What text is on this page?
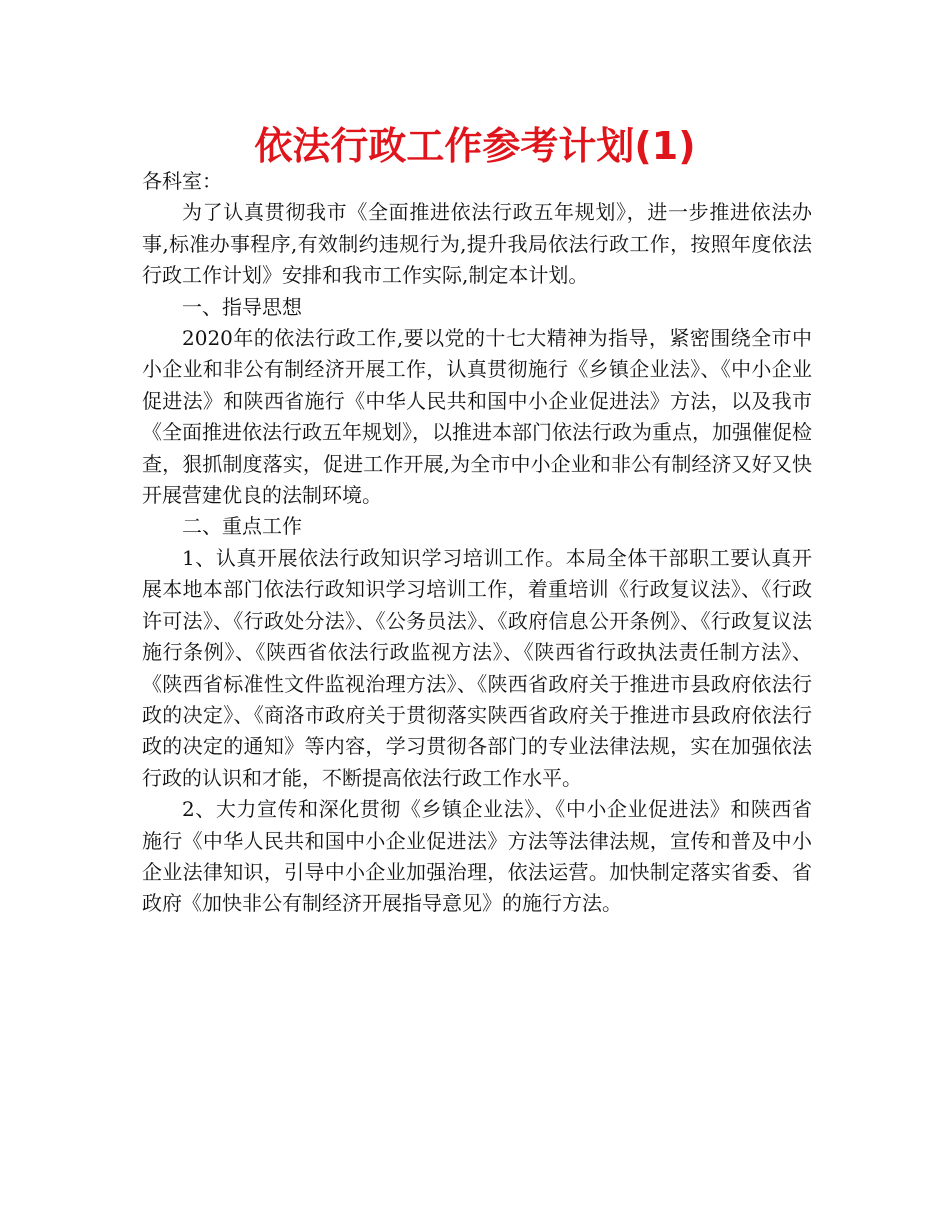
依法行政工作参考计划(1)

各科室：

为了认真贯彻我市《全面推进依法行政五年规划》，进一步推进依法办事,标准办事程序,有效制约违规行为,提升我局依法行政工作，按照年度依法行政工作计划》安排和我市工作实际,制定本计划。

一、指导思想

2020年的依法行政工作,要以党的十七大精神为指导，紧密围绕全市中小企业和非公有制经济开展工作，认真贯彻施行《乡镇企业法》、《中小企业促进法》和陕西省施行《中华人民共和国中小企业促进法》方法，以及我市《全面推进依法行政五年规划》，以推进本部门依法行政为重点，加强催促检查，狠抓制度落实，促进工作开展,为全市中小企业和非公有制经济又好又快开展营建优良的法制环境。

二、重点工作

1、认真开展依法行政知识学习培训工作。本局全体干部职工要认真开展本地本部门依法行政知识学习培训工作，着重培训《行政复议法》、《行政许可法》、《行政处分法》、《公务员法》、《政府信息公开条例》、《行政复议法施行条例》、《陕西省依法行政监视方法》、《陕西省行政执法责任制方法》、《陕西省标准性文件监视治理方法》、《陕西省政府关于推进市县政府依法行政的决定》、《商洛市政府关于贯彻落实陕西省政府关于推进市县政府依法行政的决定的通知》等内容，学习贯彻各部门的专业法律法规，实在加强依法行政的认识和才能，不断提高依法行政工作水平。

2、大力宣传和深化贯彻《乡镇企业法》、《中小企业促进法》和陕西省施行《中华人民共和国中小企业促进法》方法等法律法规，宣传和普及中小企业法律知识，引导中小企业加强治理，依法运营。加快制定落实省委、省政府《加快非公有制经济开展指导意见》的施行方法。
